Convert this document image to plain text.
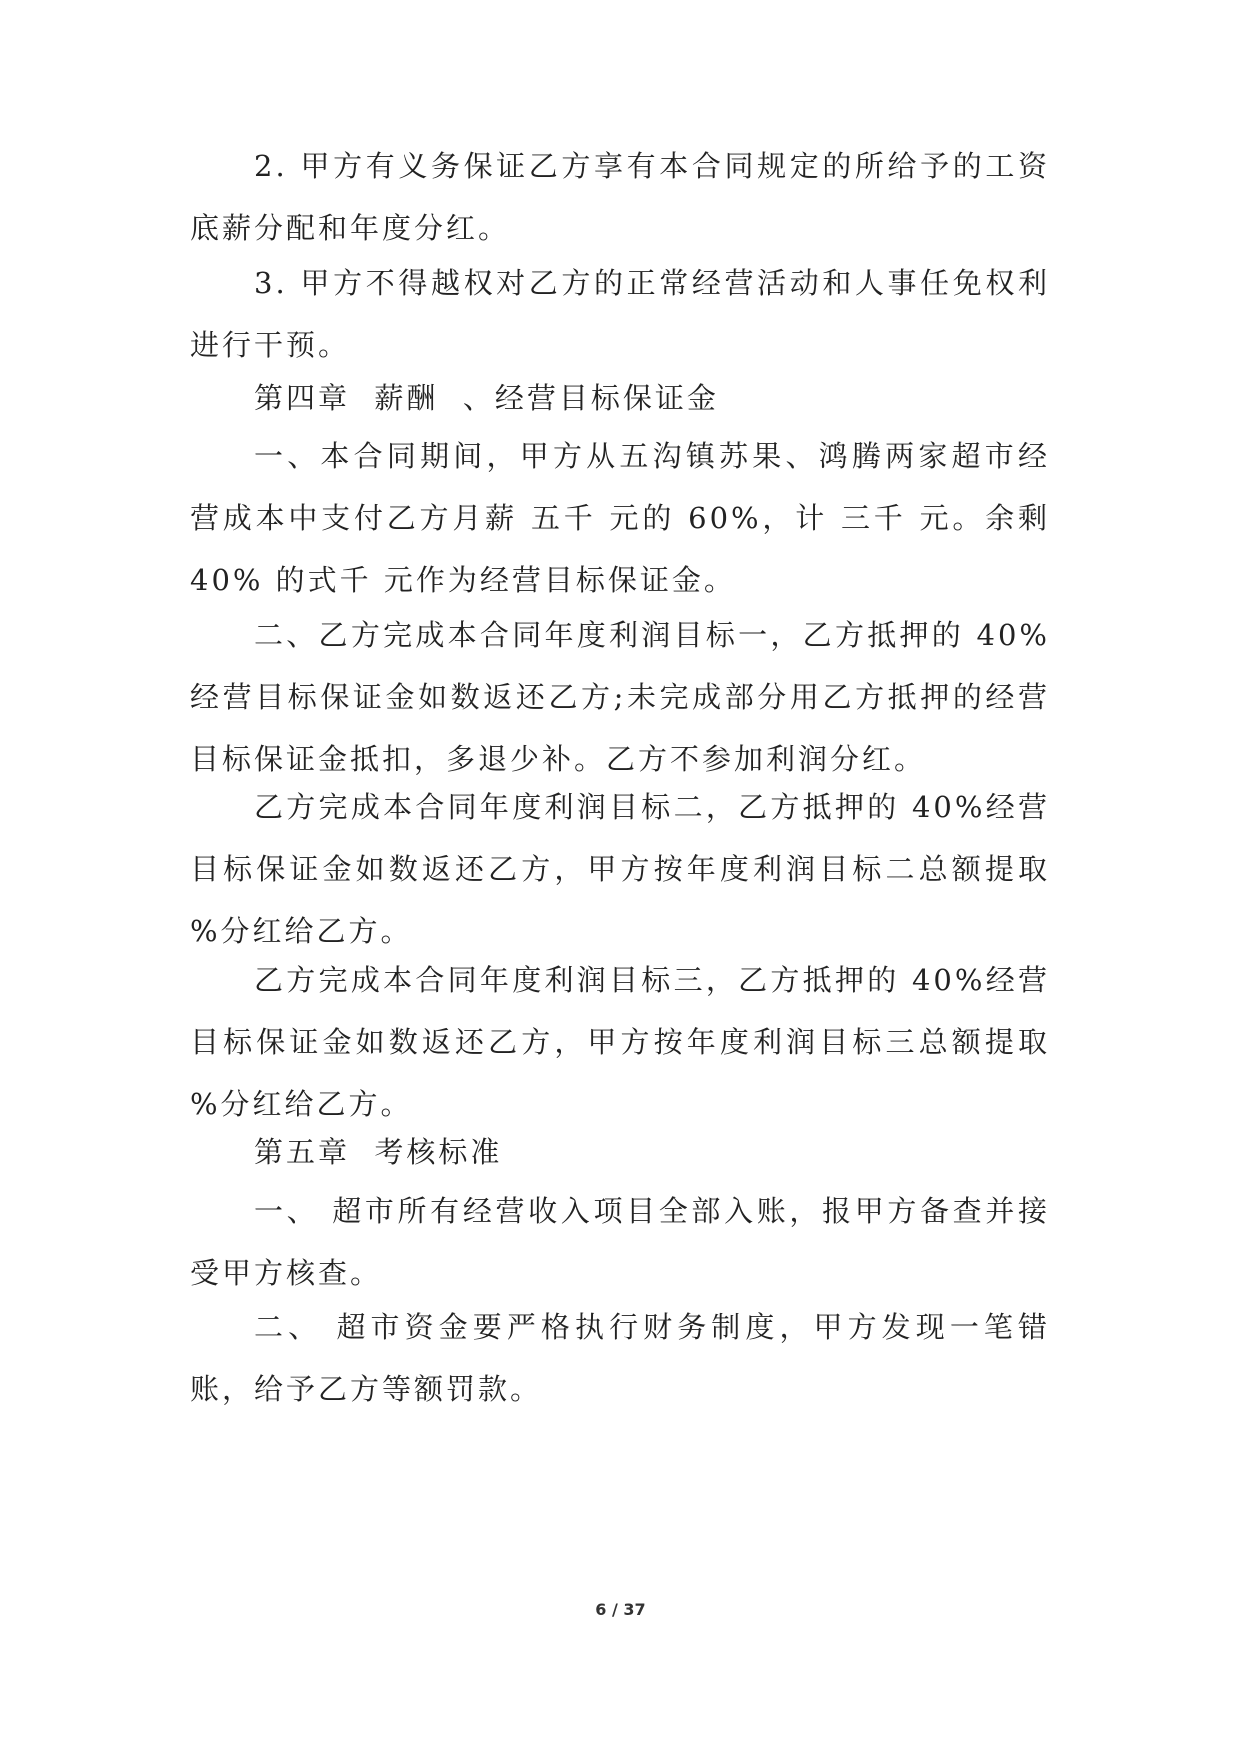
2. 甲方有义务保证乙方享有本合同规定的所给予的工资底薪分配和年度分红。

3. 甲方不得越权对乙方的正常经营活动和人事任免权利进行干预。

第四章  薪酬  、经营目标保证金

一、本合同期间，甲方从五沟镇苏果、鸿腾两家超市经营成本中支付乙方月薪 五千 元的 60%，计 三千 元。余剩 40% 的式千 元作为经营目标保证金。

二、乙方完成本合同年度利润目标一，乙方抵押的 40%经营目标保证金如数返还乙方;未完成部分用乙方抵押的经营目标保证金抵扣，多退少补。乙方不参加利润分红。

乙方完成本合同年度利润目标二，乙方抵押的 40%经营目标保证金如数返还乙方，甲方按年度利润目标二总额提取 %分红给乙方。

乙方完成本合同年度利润目标三，乙方抵押的 40%经营目标保证金如数返还乙方，甲方按年度利润目标三总额提取 %分红给乙方。

第五章  考核标准

一、 超市所有经营收入项目全部入账，报甲方备查并接受甲方核查。

二、 超市资金要严格执行财务制度，甲方发现一笔错账，给予乙方等额罚款。

6 / 37
